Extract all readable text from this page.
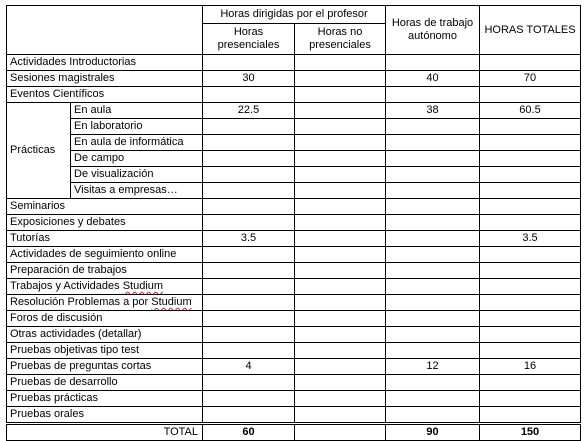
		Horas dirigidas por el profesor		Horas de trabajo autónomo	HORAS TOTALES
		Horas presenciales	Horas no presenciales		
Actividades Introductorias					
Sesiones magistrales		30		40	70
Eventos Científicos					
Prácticas	En aula	22.5		38	60.5
	En laboratorio				
	En aula de informática				
	De campo				
	De visualización				
	Visitas a empresas…				
Seminarios					
Exposiciones y debates					
Tutorías		3.5			3.5
Actividades de seguimiento online					
Preparación de trabajos					
Trabajos y Actividades Studium					
Resolución Problemas a por Studium					
Foros de discusión					
Otras actividades (detallar)					
Pruebas objetivas tipo test					
Pruebas de preguntas cortas		4		12	16
Pruebas de desarrollo					
Pruebas prácticas					
Pruebas orales					
TOTAL		60		90	150
